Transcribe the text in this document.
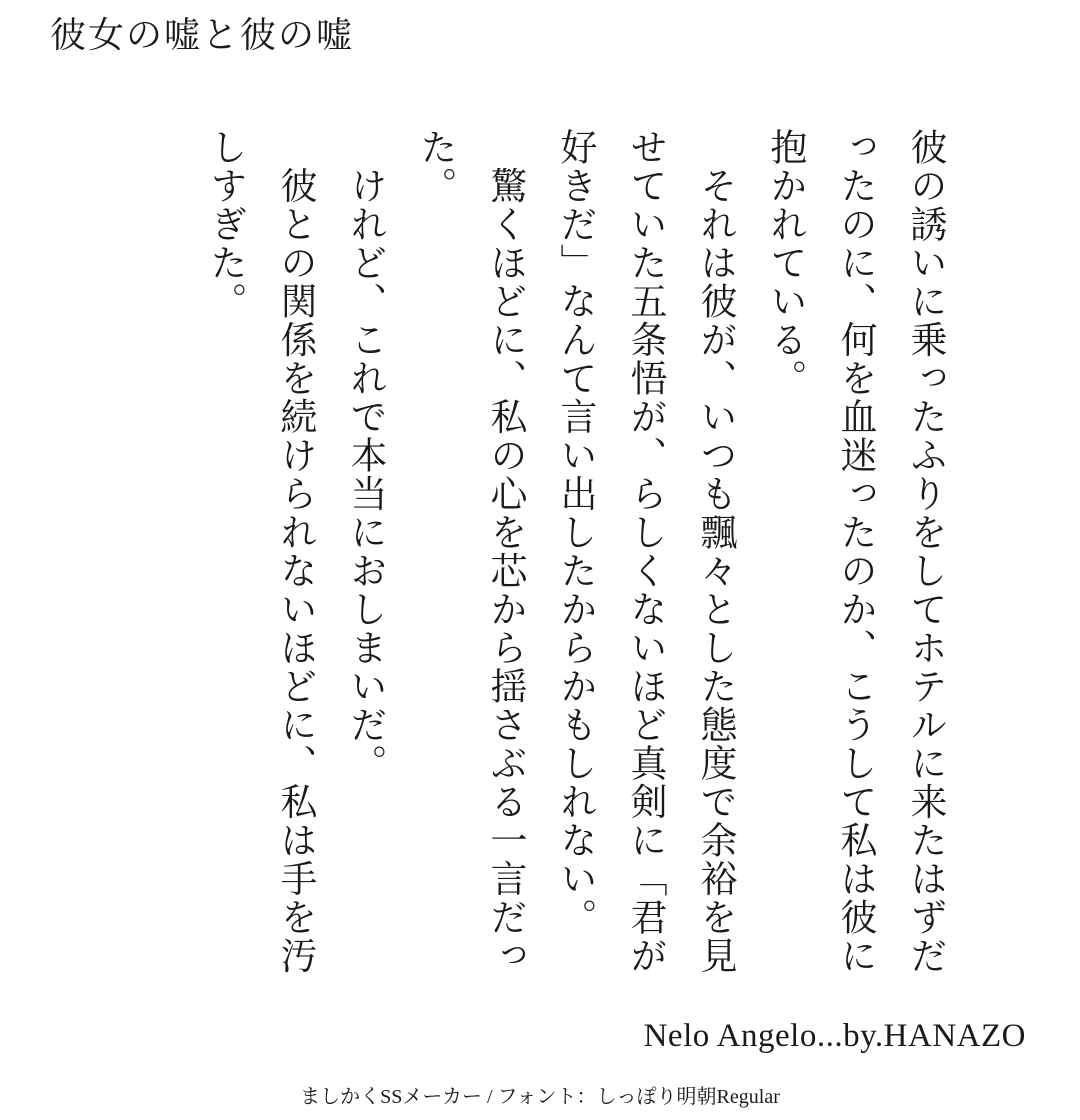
彼女の嘘と彼の嘘

彼の誘いに乗ったふりをしてホテルに来たはずだったのに、何を血迷ったのか、こうして私は彼に抱かれている。

　それは彼が、いつも飄々とした態度で余裕を見せていた五条悟が、らしくないほど真剣に「君が好きだ」なんて言い出したからかもしれない。

　驚くほどに、私の心を芯から揺さぶる一言だった。

　けれど、これで本当におしまいだ。

　彼との関係を続けられないほどに、私は手を汚しすぎた。

Nelo Angelo...by.HANAZO
ましかくSSメーカー / フォント：しっぽり明朝Regular
